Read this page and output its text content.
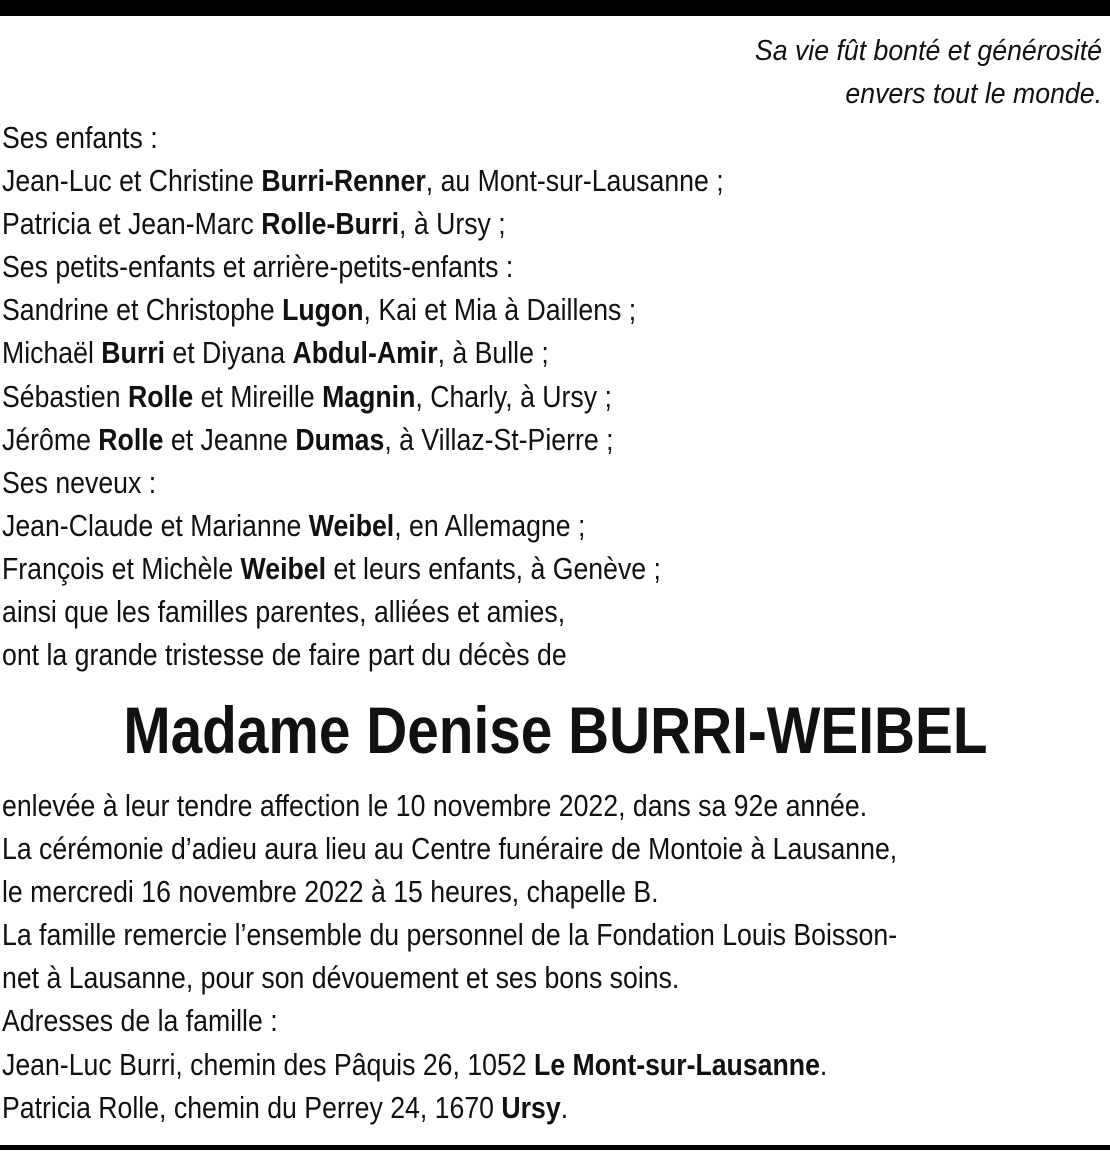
Sa vie fût bonté et générosité
envers tout le monde.
Ses enfants :
Jean-Luc et Christine Burri-Renner, au Mont-sur-Lausanne ;
Patricia et Jean-Marc Rolle-Burri, à Ursy ;
Ses petits-enfants et arrière-petits-enfants :
Sandrine et Christophe Lugon, Kai et Mia à Daillens ;
Michaël Burri et Diyana Abdul-Amir, à Bulle ;
Sébastien Rolle et Mireille Magnin, Charly, à Ursy ;
Jérôme Rolle et Jeanne Dumas, à Villaz-St-Pierre ;
Ses neveux :
Jean-Claude et Marianne Weibel, en Allemagne ;
François et Michèle Weibel et leurs enfants, à Genève ;
ainsi que les familles parentes, alliées et amies,
ont la grande tristesse de faire part du décès de
Madame Denise BURRI-WEIBEL
enlevée à leur tendre affection le 10 novembre 2022, dans sa 92e année.
La cérémonie d’adieu aura lieu au Centre funéraire de Montoie à Lausanne,
le mercredi 16 novembre 2022 à 15 heures, chapelle B.
La famille remercie l’ensemble du personnel de la Fondation Louis Boisson-
net à Lausanne, pour son dévouement et ses bons soins.
Adresses de la famille :
Jean-Luc Burri, chemin des Pâquis 26, 1052 Le Mont-sur-Lausanne.
Patricia Rolle, chemin du Perrey 24, 1670 Ursy.
